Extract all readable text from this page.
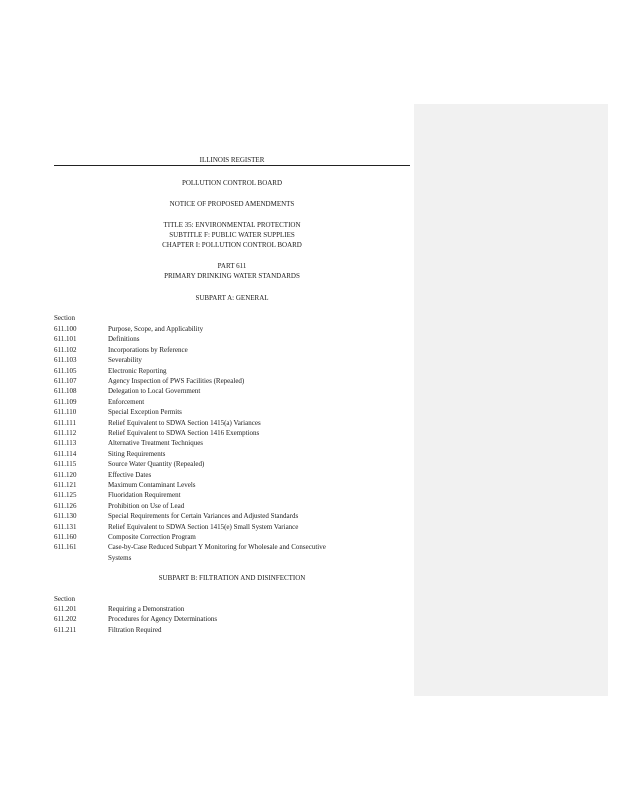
ILLINOIS REGISTER
POLLUTION CONTROL BOARD
NOTICE OF PROPOSED AMENDMENTS
TITLE 35: ENVIRONMENTAL PROTECTION
SUBTITLE F: PUBLIC WATER SUPPLIES
CHAPTER I: POLLUTION CONTROL BOARD
PART 611
PRIMARY DRINKING WATER STANDARDS
SUBPART A: GENERAL
Section
611.100	Purpose, Scope, and Applicability
611.101	Definitions
611.102	Incorporations by Reference
611.103	Severability
611.105	Electronic Reporting
611.107	Agency Inspection of PWS Facilities (Repealed)
611.108	Delegation to Local Government
611.109	Enforcement
611.110	Special Exception Permits
611.111	Relief Equivalent to SDWA Section 1415(a) Variances
611.112	Relief Equivalent to SDWA Section 1416 Exemptions
611.113	Alternative Treatment Techniques
611.114	Siting Requirements
611.115	Source Water Quantity (Repealed)
611.120	Effective Dates
611.121	Maximum Contaminant Levels
611.125	Fluoridation Requirement
611.126	Prohibition on Use of Lead
611.130	Special Requirements for Certain Variances and Adjusted Standards
611.131	Relief Equivalent to SDWA Section 1415(e) Small System Variance
611.160	Composite Correction Program
611.161	Case-by-Case Reduced Subpart Y Monitoring for Wholesale and Consecutive
Systems
SUBPART B: FILTRATION AND DISINFECTION
Section
611.201	Requiring a Demonstration
611.202	Procedures for Agency Determinations
611.211	Filtration Required
